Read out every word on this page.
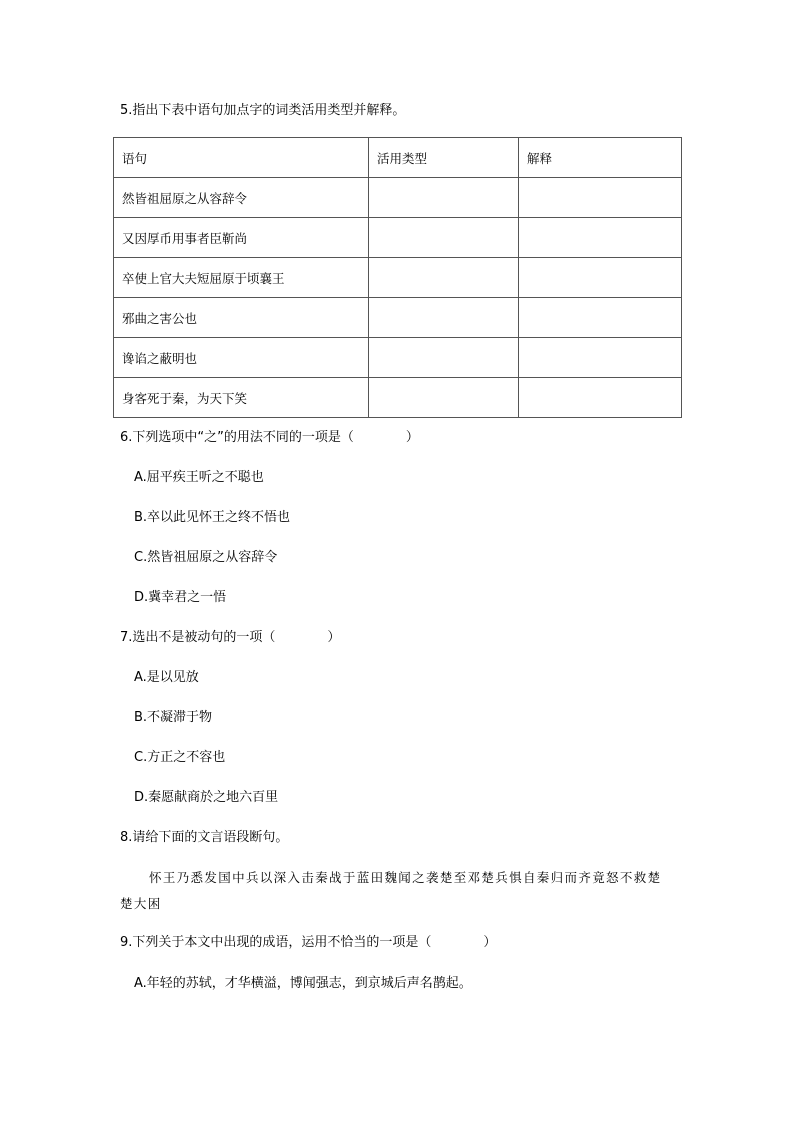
5.指出下表中语句加点字的词类活用类型并解释。
语句	活用类型	解释
然皆祖屈原之从容辞令		
又因厚币用事者臣靳尚		
卒使上官大夫短屈原于顷襄王		
邪曲之害公也		
谗谄之蔽明也		
身客死于秦，为天下笑		
6.下列选项中“之”的用法不同的一项是（	）
A.屈平疾王听之不聪也
B.卒以此见怀王之终不悟也
C.然皆祖屈原之从容辞令
D.冀幸君之一悟
7.选出不是被动句的一项（	）
A.是以见放
B.不凝滞于物
C.方正之不容也
D.秦愿献商於之地六百里
8.请给下面的文言语段断句。
怀王乃悉发国中兵以深入击秦战于蓝田魏闻之袭楚至邓楚兵惧自秦归而齐竟怒不救楚
楚大困
9.下列关于本文中出现的成语，运用不恰当的一项是（	）
A.年轻的苏轼，才华横溢，博闻强志，到京城后声名鹊起。
